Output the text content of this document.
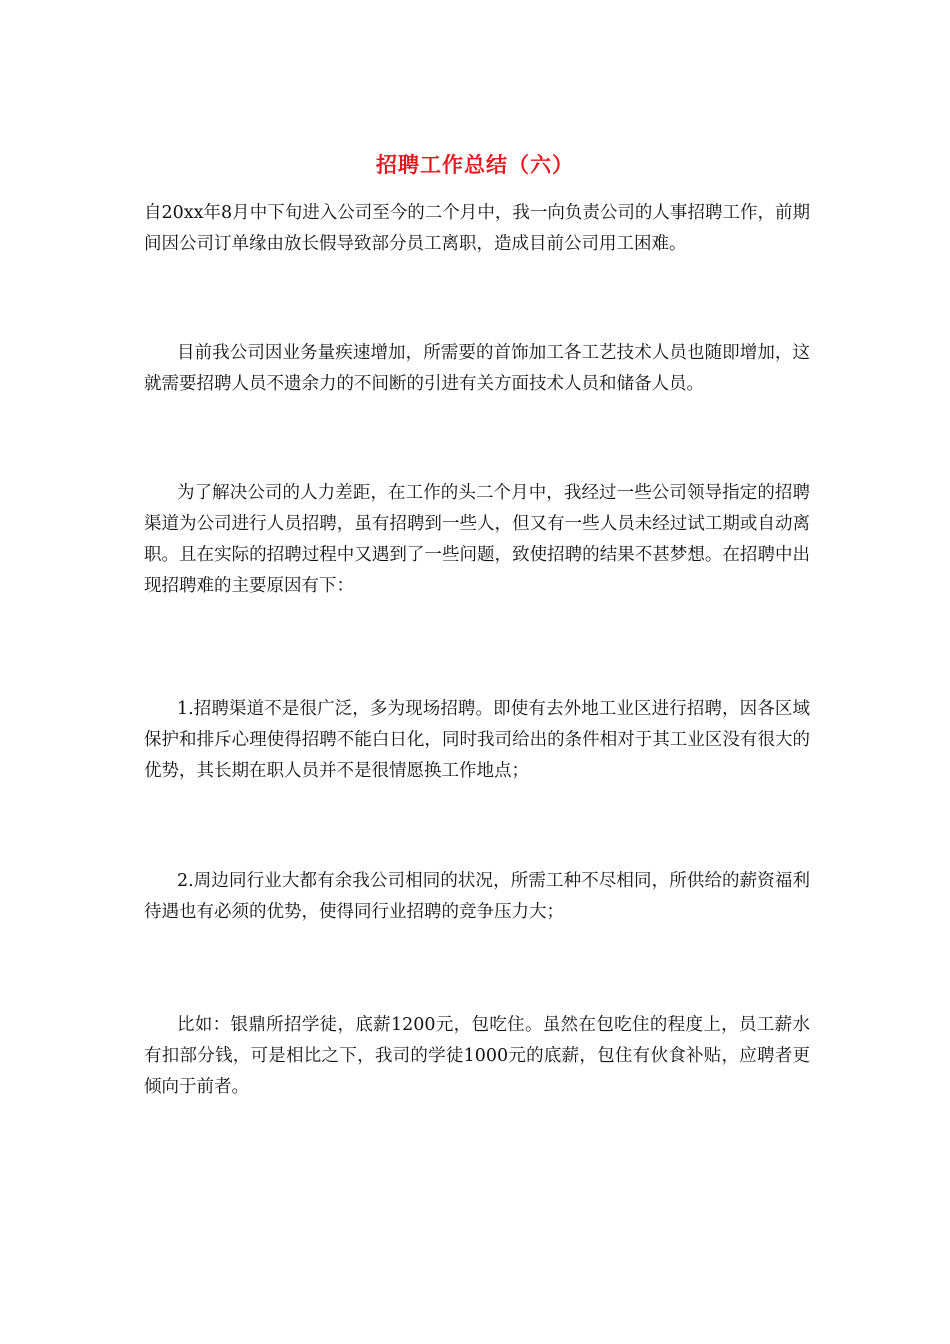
招聘工作总结（六）

自20xx年8月中下旬进入公司至今的二个月中，我一向负责公司的人事招聘工作，前期间因公司订单缘由放长假导致部分员工离职，造成目前公司用工困难。

目前我公司因业务量疾速增加，所需要的首饰加工各工艺技术人员也随即增加，这就需要招聘人员不遗余力的不间断的引进有关方面技术人员和储备人员。

为了解决公司的人力差距，在工作的头二个月中，我经过一些公司领导指定的招聘渠道为公司进行人员招聘，虽有招聘到一些人，但又有一些人员未经过试工期或自动离职。且在实际的招聘过程中又遇到了一些问题，致使招聘的结果不甚梦想。在招聘中出现招聘难的主要原因有下：

1.招聘渠道不是很广泛，多为现场招聘。即使有去外地工业区进行招聘，因各区域保护和排斥心理使得招聘不能白日化，同时我司给出的条件相对于其工业区没有很大的优势，其长期在职人员并不是很情愿换工作地点；

2.周边同行业大都有余我公司相同的状况，所需工种不尽相同，所供给的薪资福利待遇也有必须的优势，使得同行业招聘的竞争压力大；

比如：银鼎所招学徒，底薪1200元，包吃住。虽然在包吃住的程度上，员工薪水有扣部分钱，可是相比之下，我司的学徒1000元的底薪，包住有伙食补贴，应聘者更倾向于前者。
